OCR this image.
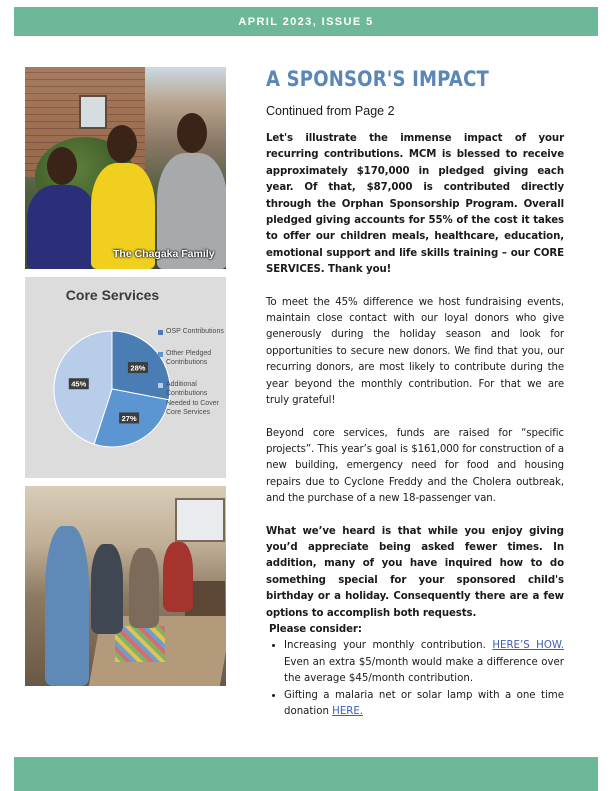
APRIL 2023, ISSUE 5
The Chagaka Family
Core Services
28%
27%
45%
OSP Contributions
Other Pledged Contributions
Additional Contributions Needed to Cover Core Services
A SPONSOR'S IMPACT
Continued from Page 2
Let's illustrate the immense impact of your recurring contributions. MCM is blessed to receive approximately $170,000 in pledged giving each year. Of that, $87,000 is contributed directly through the Orphan Sponsorship Program. Overall pledged giving accounts for 55% of the cost it takes to offer our children meals, healthcare, education, emotional support and life skills training – our CORE SERVICES. Thank you!
To meet the 45% difference we host fundraising events, maintain close contact with our loyal donors who give generously during the holiday season and look for opportunities to secure new donors. We find that you, our recurring donors, are most likely to contribute during the year beyond the monthly contribution. For that we are truly grateful!
Beyond core services, funds are raised for “specific projects”. This year’s goal is $161,000 for construction of a new building, emergency need for food and housing repairs due to Cyclone Freddy and the Cholera outbreak, and the purchase of a new 18-passenger van.
What we’ve heard is that while you enjoy giving you’d appreciate being asked fewer times. In addition, many of you have inquired how to do something special for your sponsored child's birthday or a holiday. Consequently there are a few options to accomplish both requests.
Please consider:
• Increasing your monthly contribution. HERE’S HOW. Even an extra $5/month would make a difference over the average $45/month contribution.
• Gifting a malaria net or solar lamp with a one time donation HERE.
